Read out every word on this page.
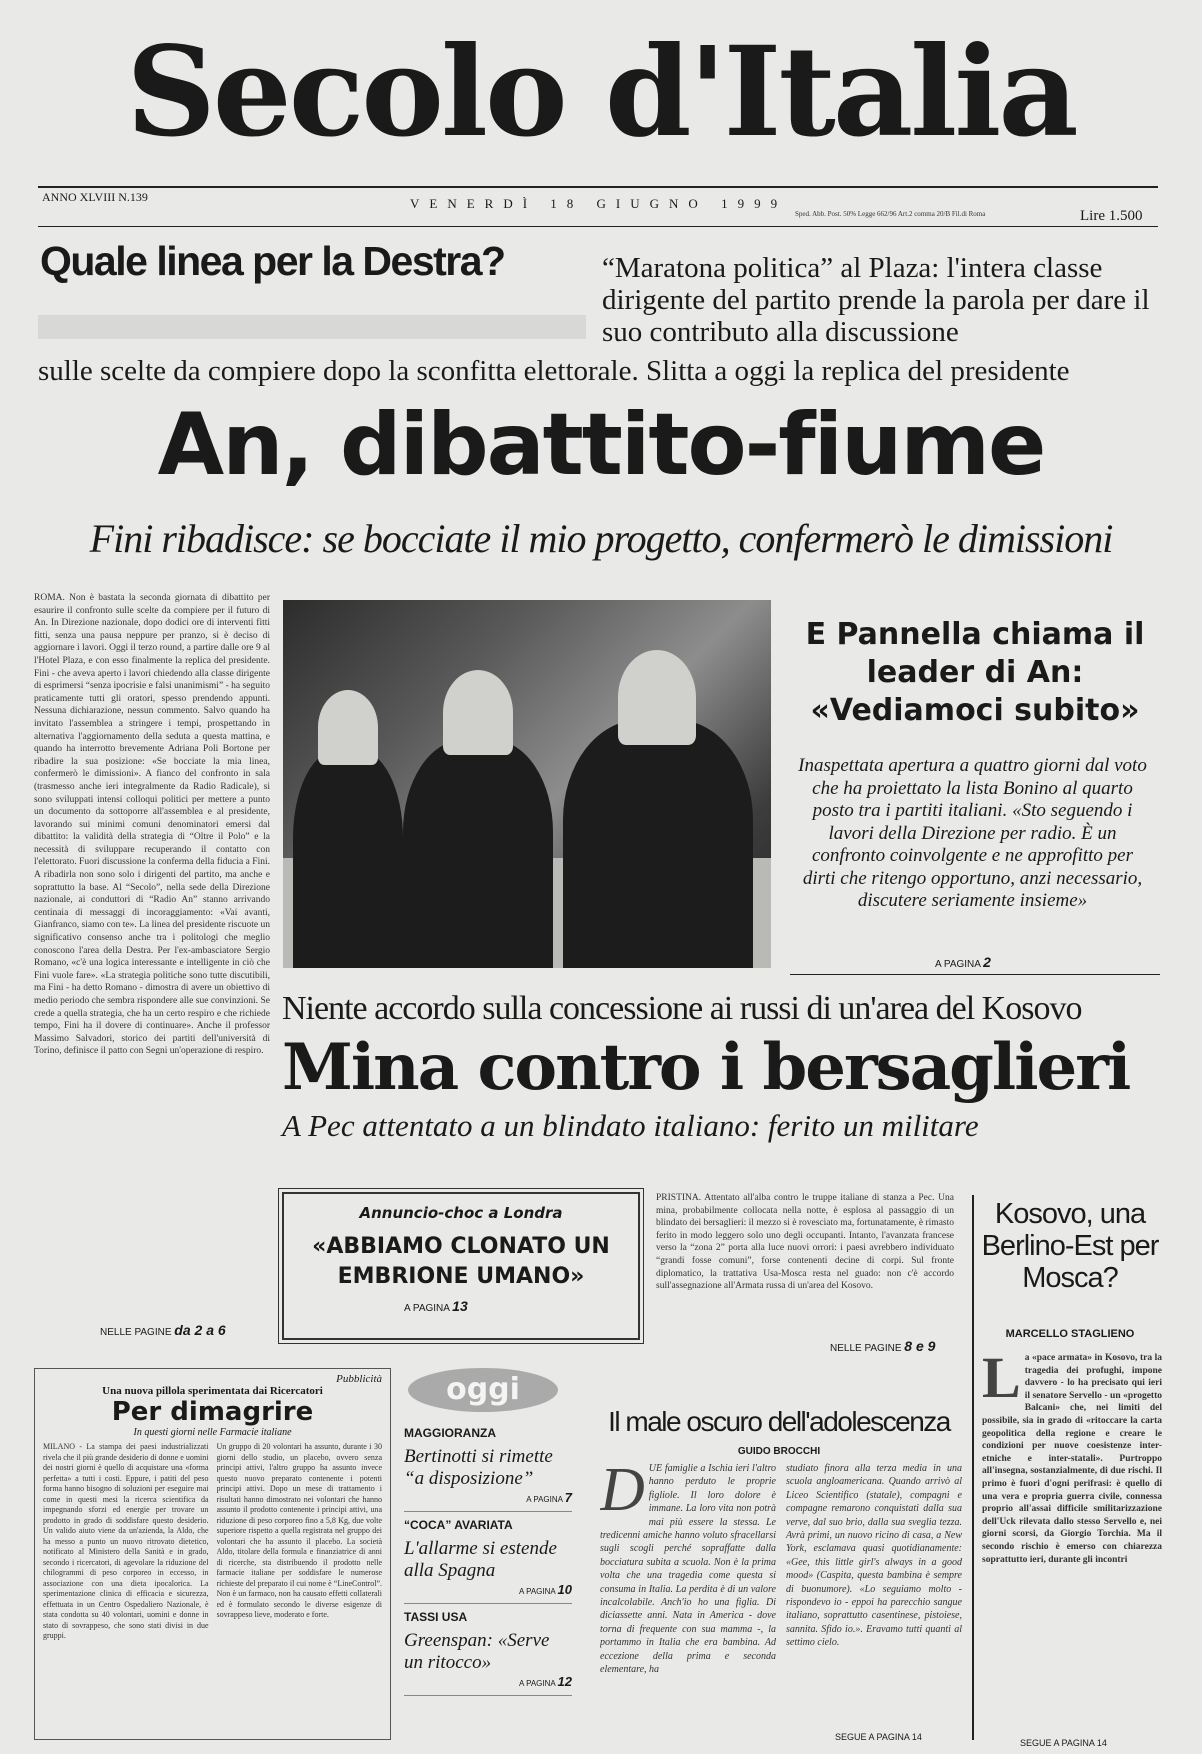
Secolo d'Italia
ANNO XLVIII N.139	VENERDÌ 18 GIUGNO 1999
Sped. Abb. Post. 50% Legge 662/96 Art.2 comma 20/B Fil.di Roma	Lire 1.500
Quale linea per la Destra?	“Maratona politica” al Plaza: l'intera classe dirigente del partito prende la parola per dare il suo contributo alla discussione
sulle scelte da compiere dopo la sconfitta elettorale. Slitta a oggi la replica del presidente
An, dibattito-fiume
Fini ribadisce: se bocciate il mio progetto, confermerò le dimissioni

ROMA. Non è bastata la seconda giornata di dibattito per esaurire il confronto sulle scelte da compiere per il futuro di An. In Direzione nazionale, dopo dodici ore di interventi fitti fitti, senza una pausa neppure per pranzo, si è deciso di aggiornare i lavori. Oggi il terzo round, a partire dalle ore 9 al l'Hotel Plaza, e con esso finalmente la replica del presidente. Fini - che aveva aperto i lavori chiedendo alla classe dirigente di esprimersi “senza ipocrisie e falsi unanimismi” - ha seguito praticamente tutti gli oratori, spesso prendendo appunti. Nessuna dichiarazione, nessun commento. Salvo quando ha invitato l'assemblea a stringere i tempi, prospettando in alternativa l'aggiornamento della seduta a questa mattina, e quando ha interrotto brevemente Adriana Poli Bortone per ribadire la sua posizione: «Se bocciate la mia linea, confermerò le dimissioni». A fianco del confronto in sala (trasmesso anche ieri integralmente da Radio Radicale), si sono sviluppati intensi colloqui politici per mettere a punto un documento da sottoporre all'assemblea e al presidente, lavorando sui minimi comuni denominatori emersi dal dibattito: la validità della strategia di “Oltre il Polo” e la necessità di sviluppare recuperando il contatto con l'elettorato. Fuori discussione la conferma della fiducia a Fini. A ribadirla non sono solo i dirigenti del partito, ma anche e soprattutto la base. Al “Secolo”, nella sede della Direzione nazionale, ai conduttori di “Radio An” stanno arrivando centinaia di messaggi di incoraggiamento: «Vai avanti, Gianfranco, siamo con te». La linea del presidente riscuote un significativo consenso anche tra i politologi che meglio conoscono l'area della Destra. Per l'ex-ambasciatore Sergio Romano, «c'è una logica interessante e intelligente in ciò che Fini vuole fare». «La strategia politiche sono tutte discutibili, ma Fini - ha detto Romano - dimostra di avere un obiettivo di medio periodo che sembra rispondere alle sue convinzioni. Se crede a quella strategia, che ha un certo respiro e che richiede tempo, Fini ha il dovere di continuare». Anche il professor Massimo Salvadori, storico dei partiti dell'università di Torino, definisce il patto con Segni un'operazione di respiro.

NELLE PAGINE da 2 a 6
E Pannella chiama il leader di An: «Vediamoci subito»
Inaspettata apertura a quattro giorni dal voto che ha proiettato la lista Bonino al quarto posto tra i partiti italiani. «Sto seguendo i lavori della Direzione per radio. È un confronto coinvolgente e ne approfitto per dirti che ritengo opportuno, anzi necessario, discutere seriamente insieme»
A PAGINA 2
Niente accordo sulla concessione ai russi di un'area del Kosovo
Mina contro i bersaglieri
A Pec attentato a un blindato italiano: ferito un militare
Annuncio-choc a Londra
«ABBIAMO CLONATO UN EMBRIONE UMANO»
A PAGINA 13

PRISTINA. Attentato all'alba contro le truppe italiane di stanza a Pec. Una mina, probabilmente collocata nella notte, è esplosa al passaggio di un blindato dei bersaglieri: il mezzo si è rovesciato ma, fortunatamente, è rimasto ferito in modo leggero solo uno degli occupanti. Intanto, l'avanzata francese verso la “zona 2” porta alla luce nuovi orrori: i paesi avrebbero individuato “grandi fosse comuni”, forse contenenti decine di corpi. Sul fronte diplomatico, la trattativa Usa-Mosca resta nel guado: non c'è accordo sull'assegnazione all'Armata russa di un'area del Kosovo.

NELLE PAGINE 8 e 9
Kosovo, una Berlino-Est per Mosca?
MARCELLO STAGLIENO
L a «pace armata» in Kosovo, tra la tragedia dei profughi, impone davvero - lo ha precisato qui ieri il senatore Servello - un «progetto Balcani» che, nei limiti del possibile, sia in grado di «ritoccare la carta geopolitica della regione e creare le condizioni per nuove coesistenze inter-etniche e inter-statali». Purtroppo all'insegna, sostanzialmente, di due rischi. Il primo è fuori d'ogni perifrasi: è quello di una vera e propria guerra civile, connessa proprio all'assai difficile smilitarizzazione dell'Uck rilevata dallo stesso Servello e, nei giorni scorsi, da Giorgio Torchia. Ma il secondo rischio è emerso con chiarezza soprattutto ieri, durante gli incontri

SEGUE A PAGINA 14
Pubblicità
Una nuova pillola sperimentata dai Ricercatori
Per dimagrire
In questi giorni nelle Farmacie italiane

MILANO - La stampa dei paesi industrializzati rivela che il più grande desiderio di donne e uomini dei nostri giorni è quello di acquistare una «forma perfetta» a tutti i costi. Eppure, i patiti del peso forma hanno bisogno di soluzioni per eseguire mai come in questi mesi la ricerca scientifica da impegnando sforzi ed energie per trovare un prodotto in grado di soddisfare questo desiderio. Un valido aiuto viene da un'azienda, la Aldo, che ha messo a punto un nuovo ritrovato dietetico, notificato al Ministero della Sanità e in grado, secondo i ricercatori, di agevolare la riduzione del chilogrammi di peso corporeo in eccesso, in associazione con una dieta ipocalorica. La sperimentazione clinica di efficacia e sicurezza, effettuata in un Centro Ospedaliero Nazionale, è stata condotta su 40 volontari, uomini e donne in stato di sovrappeso, che sono stati divisi in due gruppi.

Un gruppo di 20 volontari ha assunto, durante i 30 giorni dello studio, un placebo, ovvero senza principi attivi, l'altro gruppo ha assunto invece questo nuovo preparato contenente i potenti principi attivi. Dopo un mese di trattamento i risultati hanno dimostrato nei volontari che hanno assunto il prodotto contenente i principi attivi, una riduzione di peso corporeo fino a 5,8 Kg, due volte superiore rispetto a quella registrata nel gruppo dei volontari che ha assunto il placebo. La società Aldo, titolare della formula e finanziatrice di anni di ricerche, sta distribuendo il prodotto nelle farmacie italiane per soddisfare le numerose richieste del preparato il cui nome è “LineControl”. Non è un farmaco, non ha causato effetti collaterali ed è formulato secondo le diverse esigenze di sovrappeso lieve, moderato e forte.

oggi
MAGGIORANZA
Bertinotti si rimette “a disposizione”
A PAGINA 7
“COCA” AVARIATA
L'allarme si estende alla Spagna
A PAGINA 10
TASSI USA
Greenspan: «Serve un ritocco»
A PAGINA 12
Il male oscuro dell'adolescenza
GUIDO BROCCHI
D UE famiglie a Ischia ieri l'altro hanno perduto le proprie figliole. Il loro dolore è immane. La loro vita non potrà mai più essere la stessa. Le tredicenni amiche hanno voluto sfracellarsi sugli scogli perché sopraffatte dalla bocciatura subita a scuola. Non è la prima volta che una tragedia come questa si consuma in Italia. La perdita è di un valore incalcolabile. Anch'io ho una figlia. Di diciassette anni. Nata in America - dove torna di frequente con sua mamma -, la portammo in Italia che era bambina. Ad eccezione della prima e seconda elementare, ha

studiato finora alla terza media in una scuola angloamericana. Quando arrivò al Liceo Scientifico (statale), compagni e compagne remarono conquistati dalla sua verve, dal suo brio, dalla sua sveglia tezza. Avrà primi, un nuovo ricino di casa, a New York, esclamava quasi quotidianamente: «Gee, this little girl's always in a good mood» (Caspita, questa bambina è sempre di buonumore). «Lo seguiamo molto - rispondevo io - eppoi ha parecchio sangue italiano, soprattutto casentinese, pistoiese, sannita. Sfido io.». Eravamo tutti quanti al settimo cielo.

SEGUE A PAGINA 14
